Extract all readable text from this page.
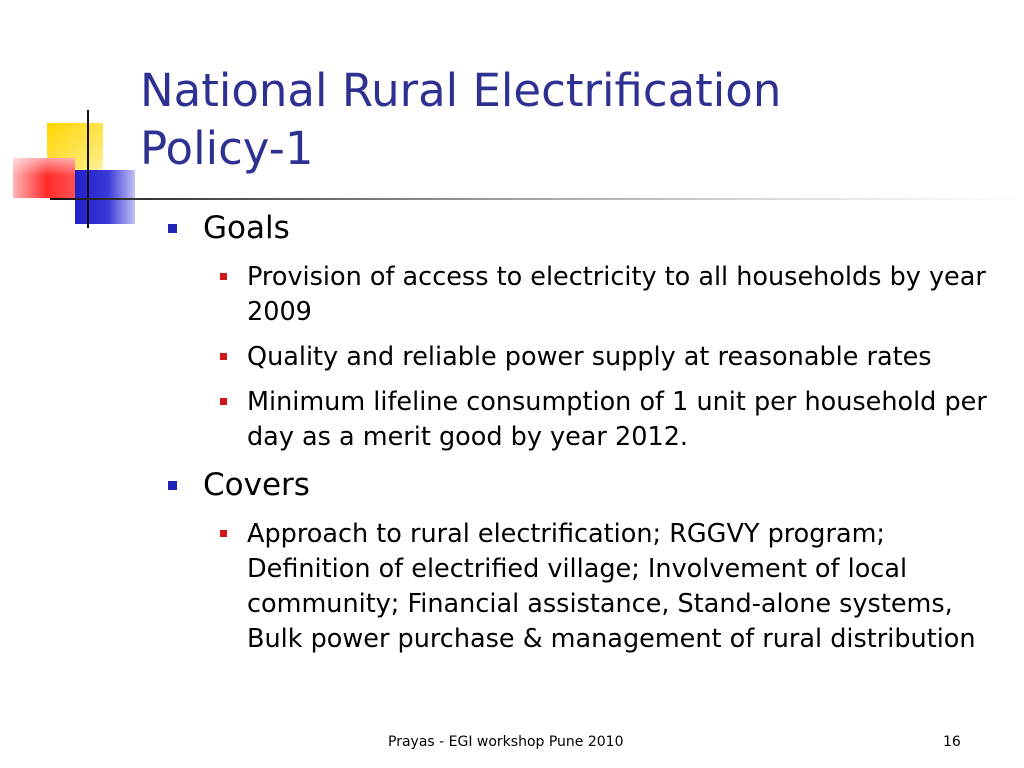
National Rural Electrification
Policy-1
Goals
Provision of access to electricity to all households by year 2009
Quality and reliable power supply at reasonable rates
Minimum lifeline consumption of 1 unit per household per day as a merit good by year 2012.
Covers
Approach to rural electrification; RGGVY program; Definition of electrified village; Involvement of local community; Financial assistance, Stand-alone systems, Bulk power purchase & management of rural distribution
Prayas - EGI workshop Pune 2010	16
